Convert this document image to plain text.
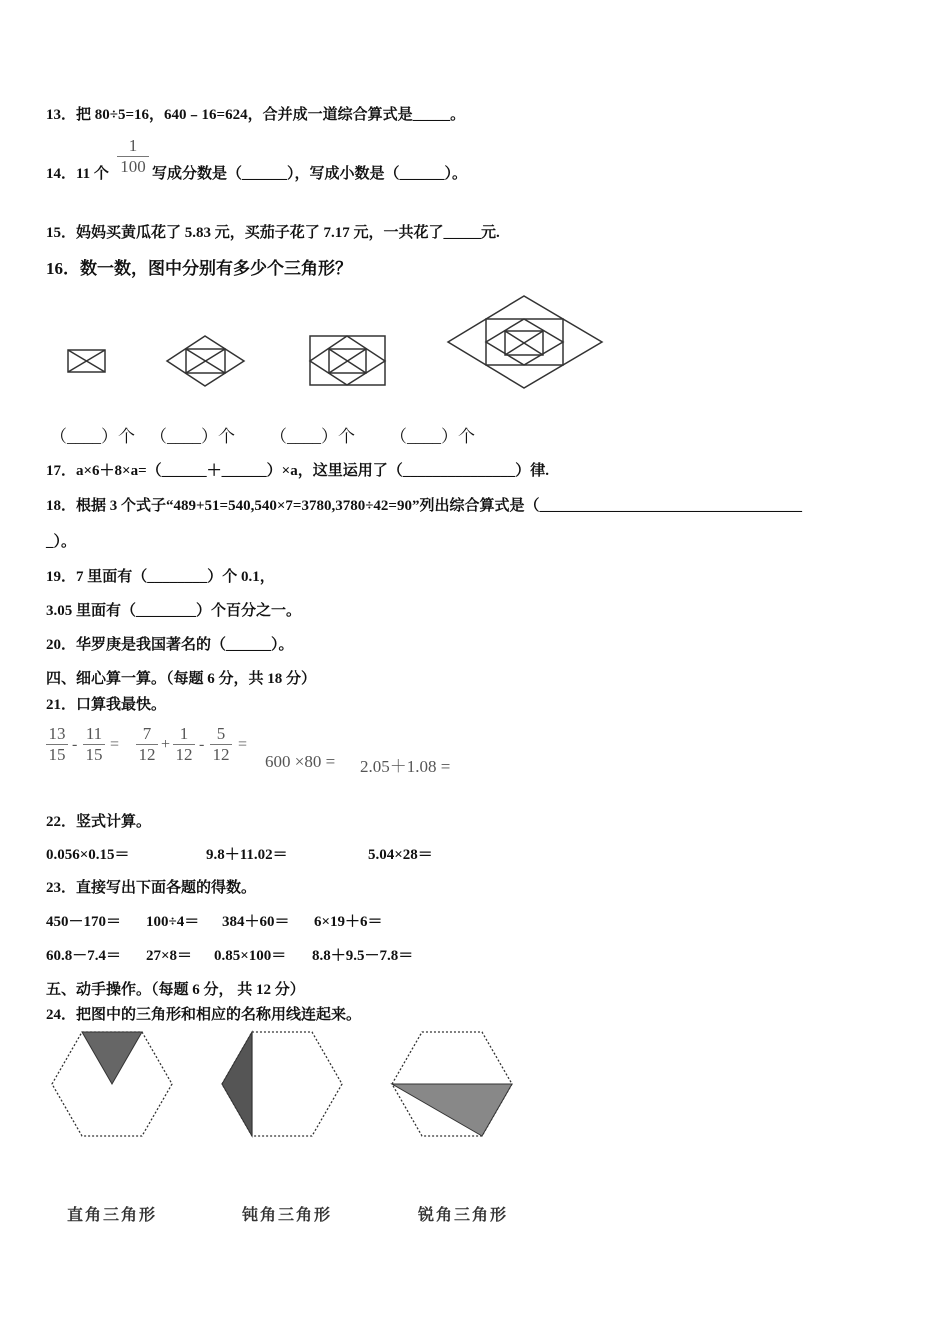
13．把 80÷5=16，640﹣16=624，合并成一道综合算式是_____。
14．11 个
1
100 写成分数是（______），写成小数是（______）。
15．妈妈买黄瓜花了 5.83 元，买茄子花了 7.17 元，一共花了_____元.
16．数一数，图中分别有多少个三角形？
（____）个 （____）个 （____）个 （____）个
17．a×6＋8×a=（______＋______）×a，这里运用了（_______________）律.
18．根据 3 个式子“489+51=540,540×7=3780,3780÷42=90”列出综合算式是（___________________________________
_）。
19．7 里面有（________）个 0.1，
3.05 里面有（________）个百分之一。
20．华罗庚是我国著名的（______）。
四、细心算一算。（每题 6 分，共 18 分）
21．口算我最快。
13
15
-
11
15
=
7
12
+
1
12
-
5
12
=
600 ×80 = 2.05＋1.08 =
22．竖式计算。
0.056×0.15＝	9.8＋11.02＝	5.04×28＝
23．直接写出下面各题的得数。
450－170＝ 100÷4＝ 384＋60＝ 6×19＋6＝
60.8－7.4＝ 27×8＝ 0.85×100＝ 8.8＋9.5－7.8＝
五、动手操作。（每题 6 分， 共 12 分）
24．把图中的三角形和相应的名称用线连起来。
直角三角形	钝角三角形	锐角三角形
